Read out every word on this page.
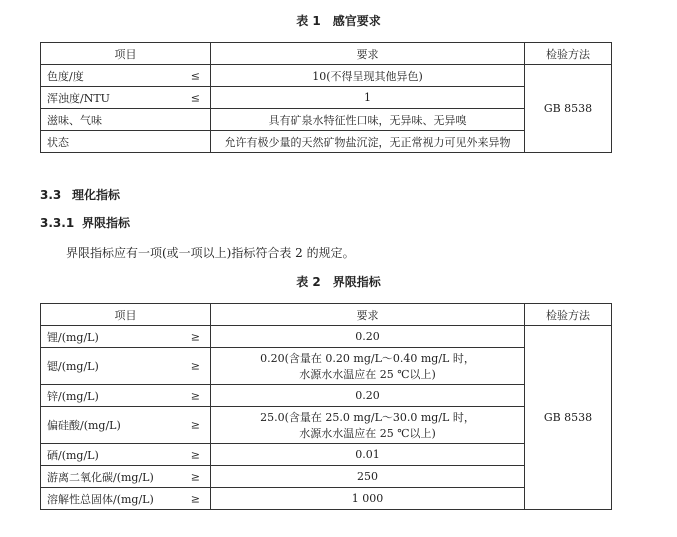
表 1　感官要求
项目	要求	检验方法
色度/度 ≤	10(不得呈现其他异色)	GB 8538
浑浊度/NTU ≤	1	
滋味、气味	具有矿泉水特征性口味，无异味、无异嗅	
状态	允许有极少量的天然矿物盐沉淀，无正常视力可见外来异物	
3.3 理化指标
3.3.1 界限指标
界限指标应有一项(或一项以上)指标符合表 2 的规定。
表 2　界限指标
项目	要求	检验方法
锂/(mg/L) ≥	0.20	GB 8538
锶/(mg/L) ≥	0.20(含量在 0.20 mg/L～0.40 mg/L 时，
水源水水温应在 25 ℃以上)	

锌/(mg/L) ≥	0.20	
偏硅酸/(mg/L) ≥	25.0(含量在 25.0 mg/L～30.0 mg/L 时，
水源水水温应在 25 ℃以上)	

硒/(mg/L) ≥	0.01	
游离二氧化碳/(mg/L) ≥	250	
溶解性总固体/(mg/L) ≥	1 000	
